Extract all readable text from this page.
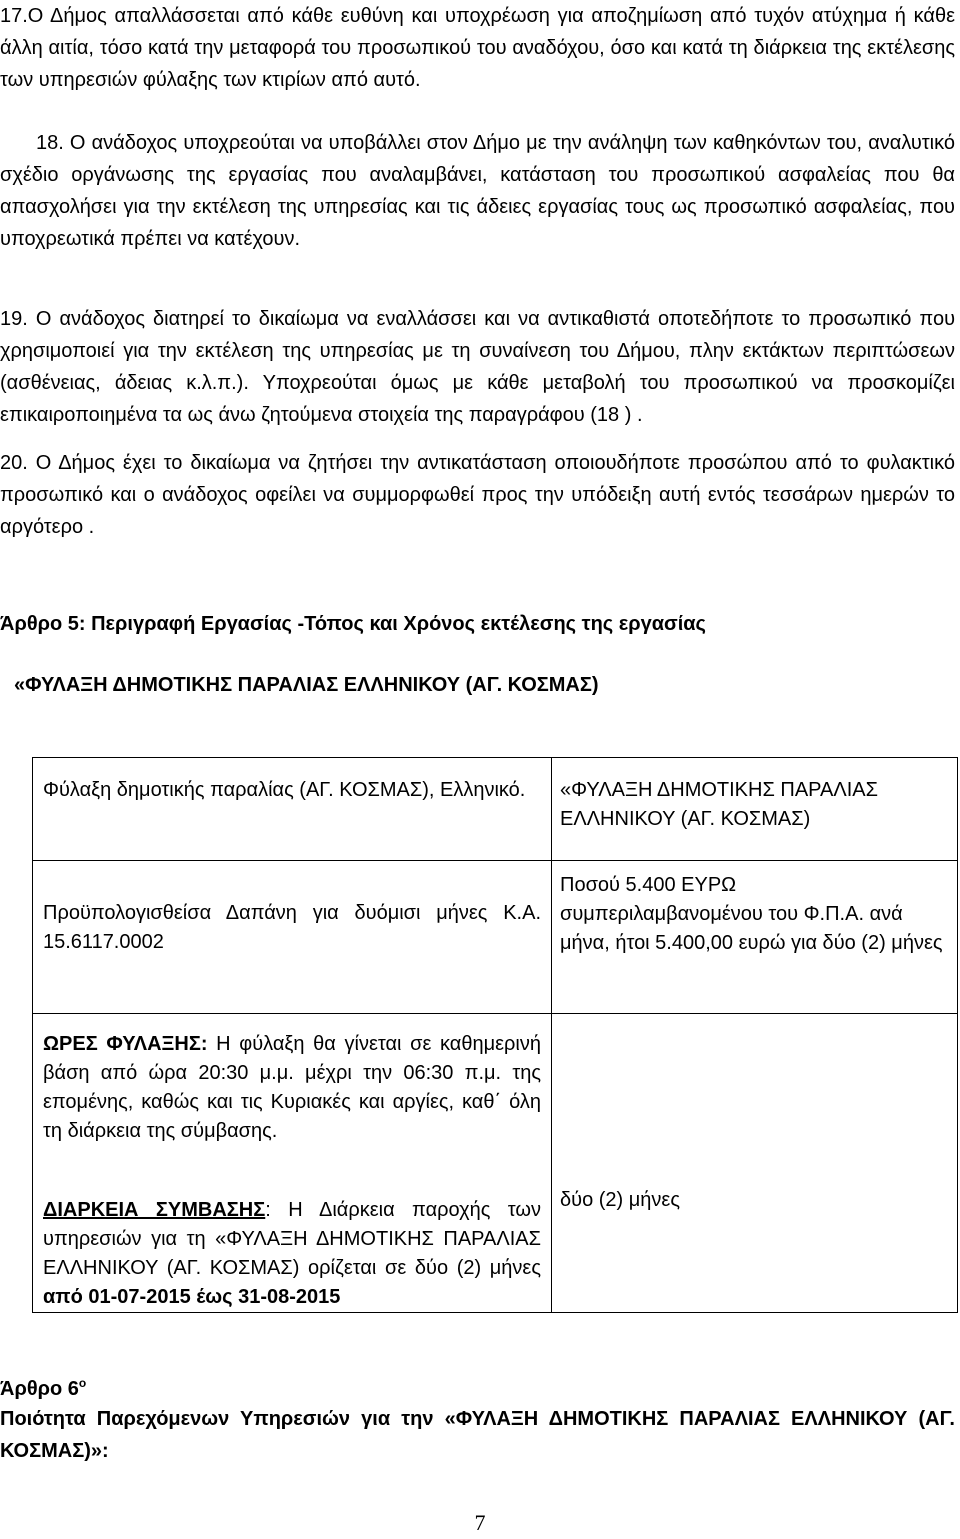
17.Ο Δήμος απαλλάσσεται από κάθε ευθύνη και υποχρέωση για αποζημίωση από τυχόν ατύχημα ή κάθε άλλη αιτία, τόσο κατά την μεταφορά του προσωπικού του αναδόχου, όσο και κατά τη διάρκεια της εκτέλεσης των υπηρεσιών φύλαξης των κτιρίων από αυτό.
18. Ο ανάδοχος υποχρεούται να υποβάλλει στον Δήμο με την ανάληψη των καθηκόντων του, αναλυτικό σχέδιο οργάνωσης της εργασίας που αναλαμβάνει, κατάσταση του προσωπικού ασφαλείας που θα απασχολήσει για την εκτέλεση της υπηρεσίας και τις άδειες εργασίας τους ως προσωπικό ασφαλείας, που υποχρεωτικά πρέπει να κατέχουν.
19. Ο ανάδοχος διατηρεί το δικαίωμα να εναλλάσσει και να αντικαθιστά οποτεδήποτε το προσωπικό που χρησιμοποιεί για την εκτέλεση της υπηρεσίας με τη συναίνεση του Δήμου, πλην εκτάκτων περιπτώσεων (ασθένειας, άδειας κ.λ.π.). Υποχρεούται όμως με κάθε μεταβολή του προσωπικού να προσκομίζει επικαιροποιημένα τα ως άνω ζητούμενα στοιχεία της παραγράφου (18 ) .
20. Ο Δήμος έχει το δικαίωμα να ζητήσει την αντικατάσταση οποιουδήποτε προσώπου από το φυλακτικό προσωπικό και ο ανάδοχος οφείλει να συμμορφωθεί προς την υπόδειξη αυτή εντός τεσσάρων ημερών το αργότερο .
Άρθρο 5: Περιγραφή Εργασίας -Τόπος και Χρόνος εκτέλεσης της εργασίας
«ΦΥΛΑΞΗ ΔΗΜΟΤΙΚΗΣ ΠΑΡΑΛΙΑΣ ΕΛΛΗΝΙΚΟΥ (ΑΓ. ΚΟΣΜΑΣ)
Φύλαξη δημοτικής παραλίας (ΑΓ. ΚΟΣΜΑΣ), Ελληνικό.	«ΦΥΛΑΞΗ ΔΗΜΟΤΙΚΗΣ ΠΑΡΑΛΙΑΣ ΕΛΛΗΝΙΚΟΥ (ΑΓ. ΚΟΣΜΑΣ)

Προϋπολογισθείσα Δαπάνη για δυόμισι μήνες Κ.Α. 15.6117.0002	Ποσού 5.400 ΕΥΡΩ
συμπεριλαμβανομένου του Φ.Π.Α. ανά μήνα, ήτοι 5.400,00 ευρώ για δύο (2) μήνες

ΩΡΕΣ ΦΥΛΑΞΗΣ: Η φύλαξη θα γίνεται σε καθημερινή βάση από ώρα 20:30 μ.μ. μέχρι την 06:30 π.μ. της επομένης, καθώς και τις Κυριακές και αργίες, καθ΄ όλη τη διάρκεια της σύμβασης.
ΔΙΑΡΚΕΙΑ ΣΥΜΒΑΣΗΣ: Η Διάρκεια παροχής των υπηρεσιών για τη «ΦΥΛΑΞΗ ΔΗΜΟΤΙΚΗΣ ΠΑΡΑΛΙΑΣ ΕΛΛΗΝΙΚΟΥ (ΑΓ. ΚΟΣΜΑΣ) ορίζεται σε δύο (2) μήνες από 01-07-2015 έως 31-08-2015	δύο (2) μήνες
Άρθρο $6^o$
Ποιότητα Παρεχόμενων Υπηρεσιών για την «ΦΥΛΑΞΗ ΔΗΜΟΤΙΚΗΣ ΠΑΡΑΛΙΑΣ ΕΛΛΗΝΙΚΟΥ (ΑΓ. ΚΟΣΜΑΣ)»:
7
